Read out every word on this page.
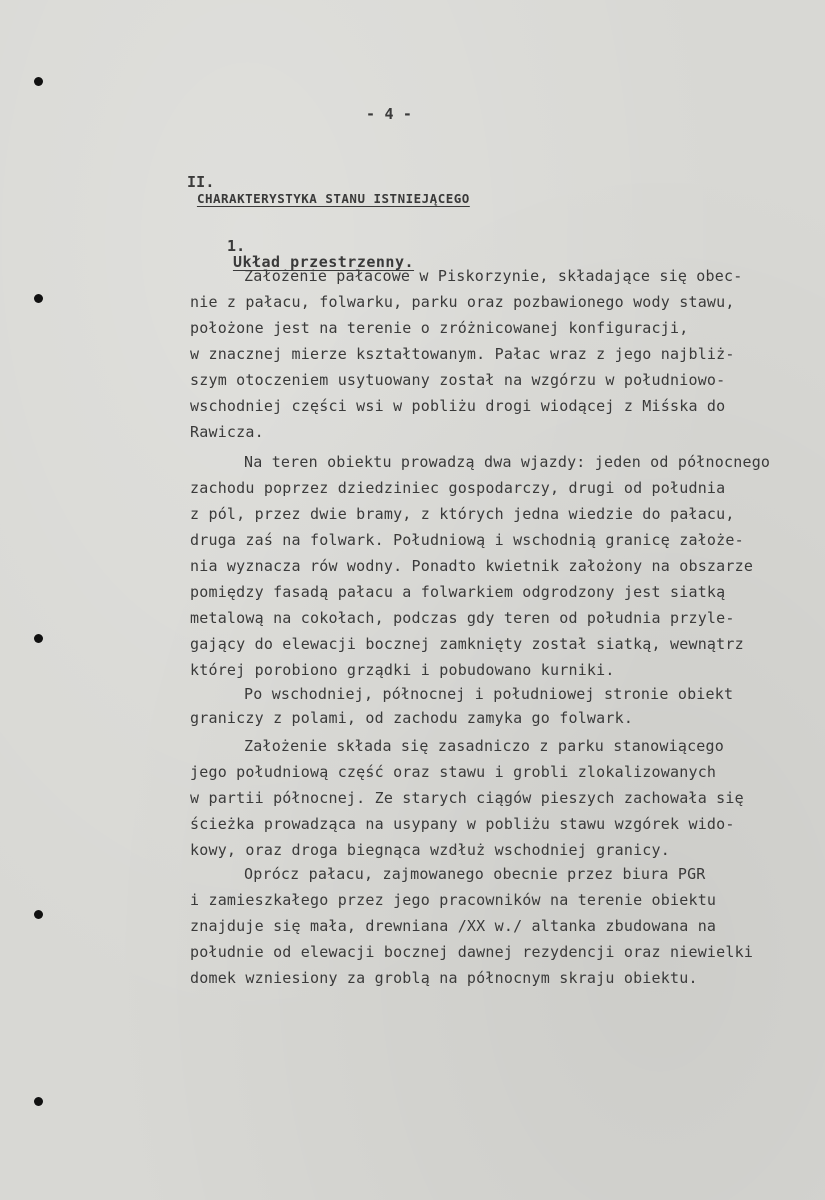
- 4 -

II.
CHARAKTERYSTYKA STANU ISTNIEJĄCEGO

1.
Układ przestrzenny.

Założenie pałacowe w Piskorzynie, składające się obec-
nie z pałacu, folwarku, parku oraz pozbawionego wody stawu,
położone jest na terenie o zróżnicowanej konfiguracji,
w znacznej mierze kształtowanym. Pałac wraz z jego najbliż-
szym otoczeniem usytuowany został na wzgórzu w południowo-
wschodniej części wsi w pobliżu drogi wiodącej z Miśska do
Rawicza.
Na teren obiektu prowadzą dwa wjazdy: jeden od północnego
zachodu poprzez dziedziniec gospodarczy, drugi od południa
z pól, przez dwie bramy, z których jedna wiedzie do pałacu,
druga zaś na folwark. Południową i wschodnią granicę założe-
nia wyznacza rów wodny. Ponadto kwietnik założony na obszarze
pomiędzy fasadą pałacu a folwarkiem odgrodzony jest siatką
metalową na cokołach, podczas gdy teren od południa przyle-
gający do elewacji bocznej zamknięty został siatką, wewnątrz
której porobiono grządki i pobudowano kurniki.
Po wschodniej, północnej i południowej stronie obiekt
graniczy z polami, od zachodu zamyka go folwark.
Założenie składa się zasadniczo z parku stanowiącego
jego południową część oraz stawu i grobli zlokalizowanych
w partii północnej. Ze starych ciągów pieszych zachowała się
ścieżka prowadząca na usypany w pobliżu stawu wzgórek wido-
kowy, oraz droga biegnąca wzdłuż wschodniej granicy.
Oprócz pałacu, zajmowanego obecnie przez biura PGR
i zamieszkałego przez jego pracowników na terenie obiektu
znajduje się mała, drewniana /XX w./ altanka zbudowana na
południe od elewacji bocznej dawnej rezydencji oraz niewielki
domek wzniesiony za groblą na północnym skraju obiektu.
